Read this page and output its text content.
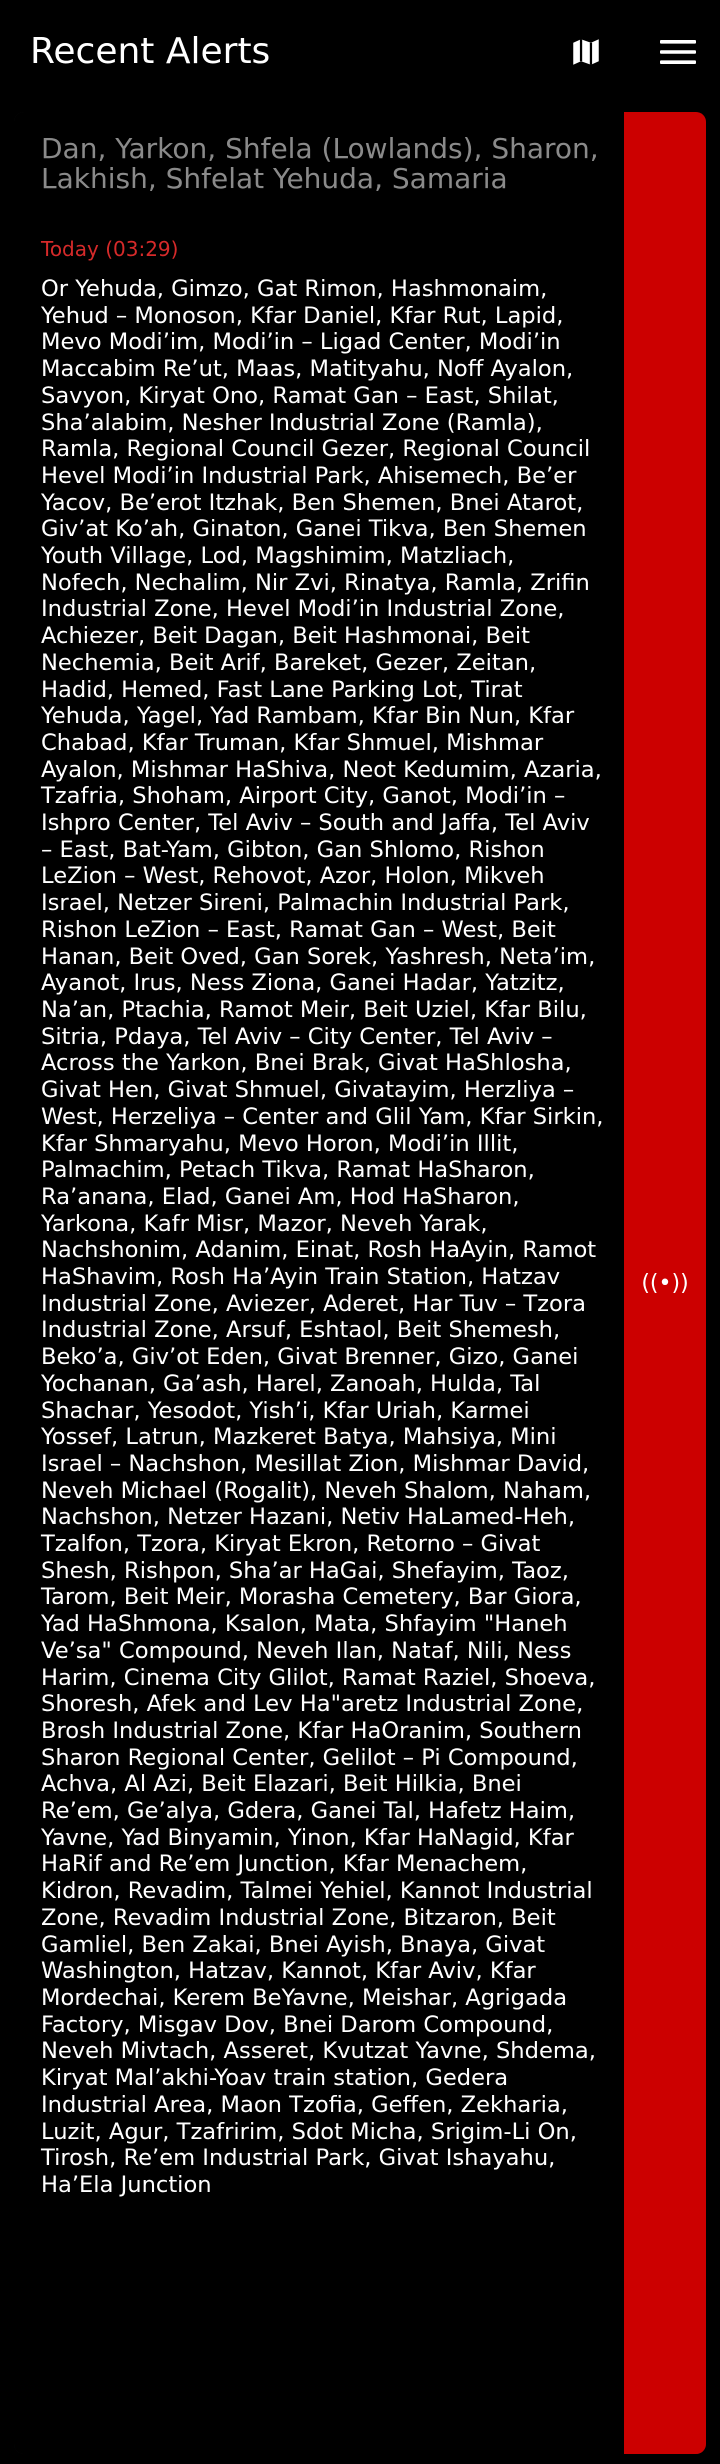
Recent Alerts

Dan, Yarkon, Shfela (Lowlands), Sharon, Lakhish, Shfelat Yehuda, Samaria

Today (03:29)

Or Yehuda, Gimzo, Gat Rimon, Hashmonaim, Yehud – Monoson, Kfar Daniel, Kfar Rut, Lapid, Mevo Modi’im, Modi’in – Ligad Center, Modi’in Maccabim Re’ut, Maas, Matityahu, Noff Ayalon, Savyon, Kiryat Ono, Ramat Gan – East, Shilat, Sha’alabim, Nesher Industrial Zone (Ramla), Ramla, Regional Council Gezer, Regional Council Hevel Modi’in Industrial Park, Ahisemech, Be’er Yacov, Be’erot Itzhak, Ben Shemen, Bnei Atarot, Giv’at Ko’ah, Ginaton, Ganei Tikva, Ben Shemen Youth Village, Lod, Magshimim, Matzliach, Nofech, Nechalim, Nir Zvi, Rinatya, Ramla, Zrifin Industrial Zone, Hevel Modi’in Industrial Zone, Achiezer, Beit Dagan, Beit Hashmonai, Beit Nechemia, Beit Arif, Bareket, Gezer, Zeitan, Hadid, Hemed, Fast Lane Parking Lot, Tirat Yehuda, Yagel, Yad Rambam, Kfar Bin Nun, Kfar Chabad, Kfar Truman, Kfar Shmuel, Mishmar Ayalon, Mishmar HaShiva, Neot Kedumim, Azaria, Tzafria, Shoham, Airport City, Ganot, Modi’in – Ishpro Center, Tel Aviv – South and Jaffa, Tel Aviv – East, Bat-Yam, Gibton, Gan Shlomo, Rishon LeZion – West, Rehovot, Azor, Holon, Mikveh Israel, Netzer Sireni, Palmachin Industrial Park, Rishon LeZion – East, Ramat Gan – West, Beit Hanan, Beit Oved, Gan Sorek, Yashresh, Neta’im, Ayanot, Irus, Ness Ziona, Ganei Hadar, Yatzitz, Na’an, Ptachia, Ramot Meir, Beit Uziel, Kfar Bilu, Sitria, Pdaya, Tel Aviv – City Center, Tel Aviv – Across the Yarkon, Bnei Brak, Givat HaShlosha, Givat Hen, Givat Shmuel, Givatayim, Herzliya – West, Herzeliya – Center and Glil Yam, Kfar Sirkin, Kfar Shmaryahu, Mevo Horon, Modi’in Illit, Palmachim, Petach Tikva, Ramat HaSharon, Ra’anana, Elad, Ganei Am, Hod HaSharon, Yarkona, Kafr Misr, Mazor, Neveh Yarak, Nachshonim, Adanim, Einat, Rosh HaAyin, Ramot HaShavim, Rosh Ha’Ayin Train Station, Hatzav Industrial Zone, Aviezer, Aderet, Har Tuv – Tzora Industrial Zone, Arsuf, Eshtaol, Beit Shemesh, Beko’a, Giv’ot Eden, Givat Brenner, Gizo, Ganei Yochanan, Ga’ash, Harel, Zanoah, Hulda, Tal Shachar, Yesodot, Yish’i, Kfar Uriah, Karmei Yossef, Latrun, Mazkeret Batya, Mahsiya, Mini Israel – Nachshon, Mesillat Zion, Mishmar David, Neveh Michael (Rogalit), Neveh Shalom, Naham, Nachshon, Netzer Hazani, Netiv HaLamed-Heh, Tzalfon, Tzora, Kiryat Ekron, Retorno – Givat Shesh, Rishpon, Sha’ar HaGai, Shefayim, Taoz, Tarom, Beit Meir, Morasha Cemetery, Bar Giora, Yad HaShmona, Ksalon, Mata, Shfayim "Haneh Ve’sa" Compound, Neveh Ilan, Nataf, Nili, Ness Harim, Cinema City Glilot, Ramat Raziel, Shoeva, Shoresh, Afek and Lev Ha"aretz Industrial Zone, Brosh Industrial Zone, Kfar HaOranim, Southern Sharon Regional Center, Gelilot – Pi Compound, Achva, Al Azi, Beit Elazari, Beit Hilkia, Bnei Re’em, Ge’alya, Gdera, Ganei Tal, Hafetz Haim, Yavne, Yad Binyamin, Yinon, Kfar HaNagid, Kfar HaRif and Re’em Junction, Kfar Menachem, Kidron, Revadim, Talmei Yehiel, Kannot Industrial Zone, Revadim Industrial Zone, Bitzaron, Beit Gamliel, Ben Zakai, Bnei Ayish, Bnaya, Givat Washington, Hatzav, Kannot, Kfar Aviv, Kfar Mordechai, Kerem BeYavne, Meishar, Agrigada Factory, Misgav Dov, Bnei Darom Compound, Neveh Mivtach, Asseret, Kvutzat Yavne, Shdema, Kiryat Mal’akhi-Yoav train station, Gedera Industrial Area, Maon Tzofia, Geffen, Zekharia, Luzit, Agur, Tzafririm, Sdot Micha, Srigim-Li On, Tirosh, Re’em Industrial Park, Givat Ishayahu, Ha’Ela Junction

((•))
